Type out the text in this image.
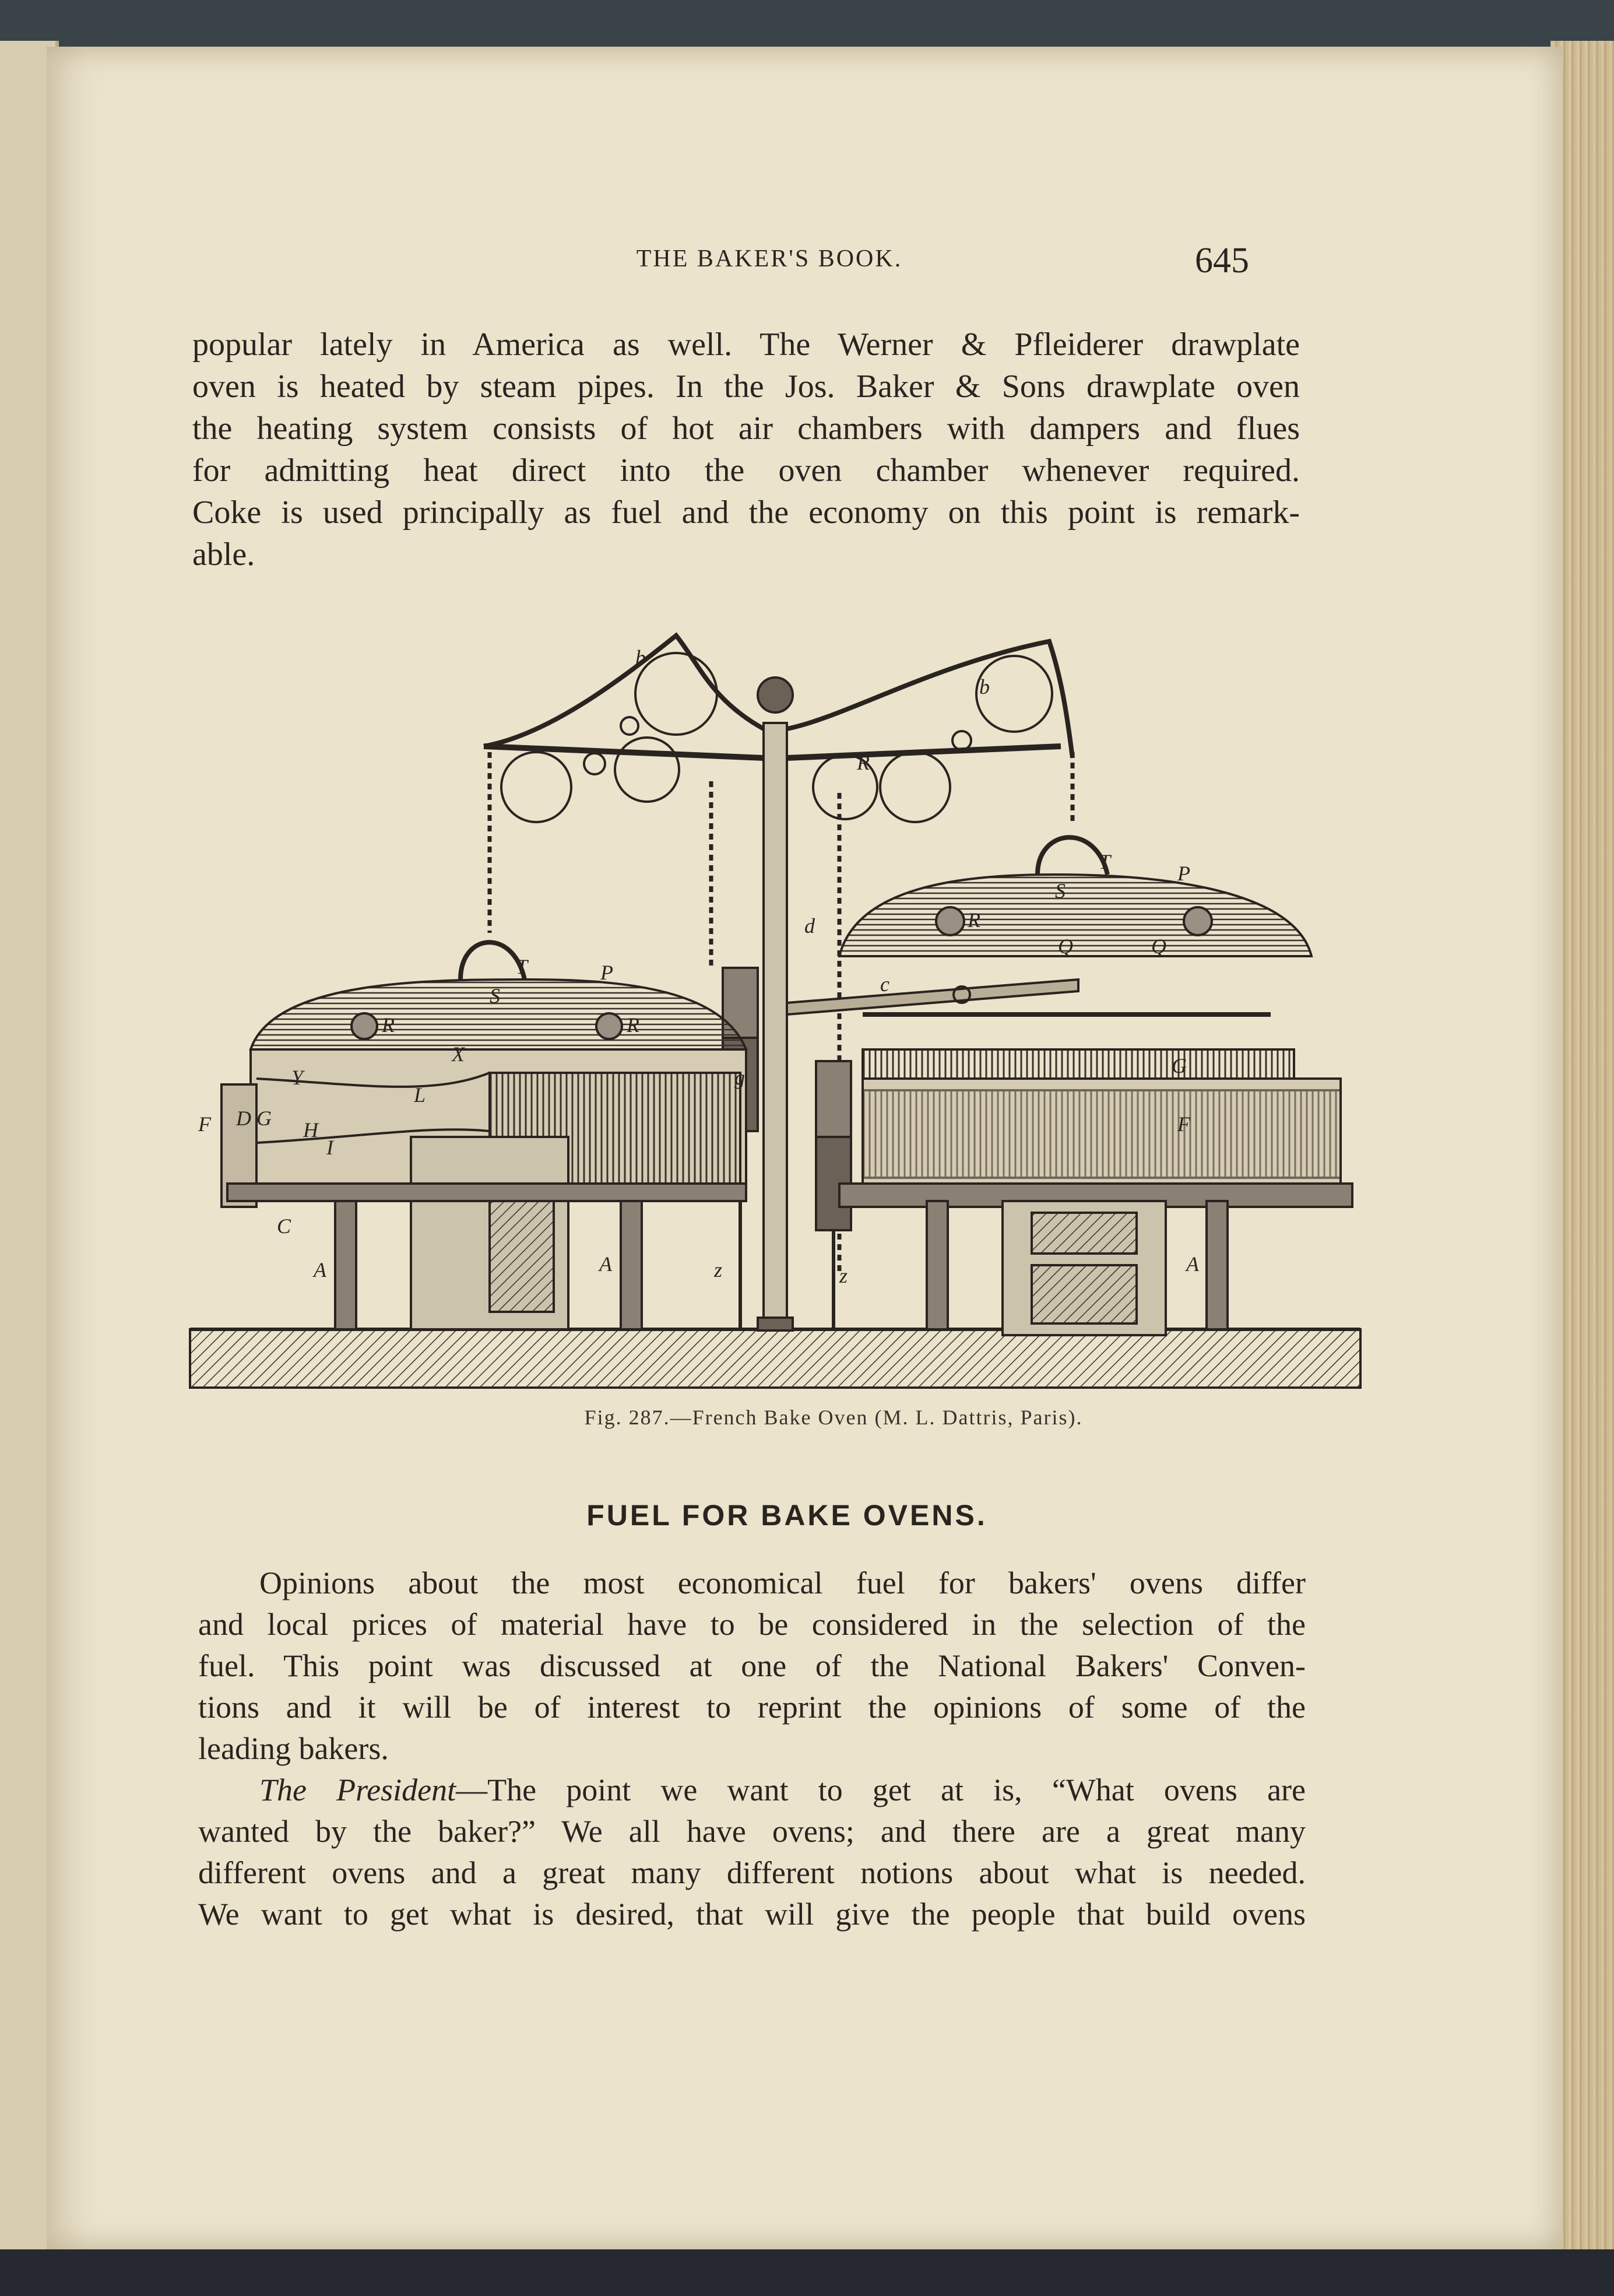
THE BAKER'S BOOK.	645
popular lately in America as well. The Werner & Pfleiderer drawplate
oven is heated by steam pipes. In the Jos. Baker & Sons drawplate oven
the heating system consists of hot air chambers with dampers and flues
for admitting heat direct into the oven chamber whenever required.
Coke is used principally as fuel and the economy on this point is remark-
able.
b
b
T
T
P
P
R	R
R
R
X
Y
L
H
I
F D G
C
A	A	A
z	z
d
c
g	G
F
Q	Q
S
S
Fig. 287.—French Bake Oven (M. L. Dattris, Paris).
FUEL FOR BAKE OVENS.
Opinions about the most economical fuel for bakers' ovens differ
and local prices of material have to be considered in the selection of the
fuel. This point was discussed at one of the National Bakers' Conven-
tions and it will be of interest to reprint the opinions of some of the
leading bakers.
The President—The point we want to get at is, “What ovens are
wanted by the baker?” We all have ovens; and there are a great many
different ovens and a great many different notions about what is needed.
We want to get what is desired, that will give the people that build ovens
